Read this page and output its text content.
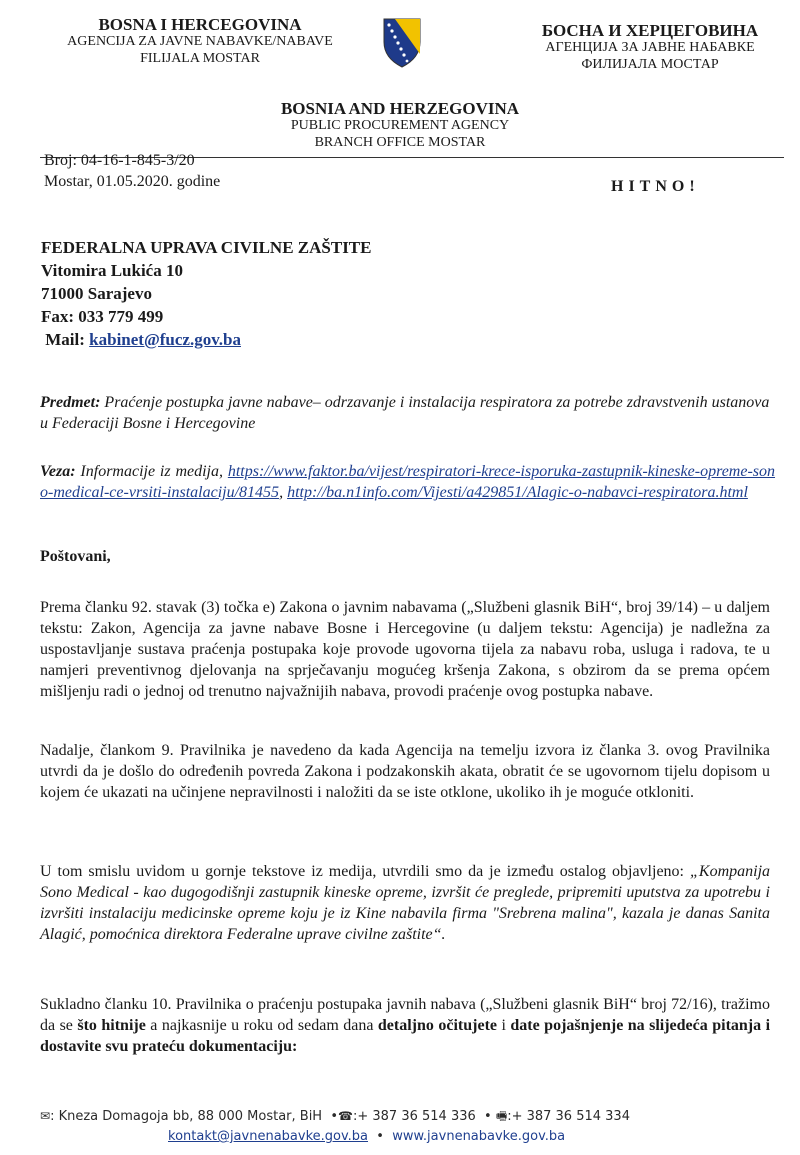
BOSNA I HERCEGOVINA
AGENCIJA ZA JAVNE NABAVKE/NABAVE
FILIJALA MOSTAR
БОСНА И ХЕРЦЕГОВИНА
АГЕНЦИЈА ЗА ЈАВНЕ НАБАВКЕ
ФИЛИЈАЛА МОСТАР
BOSNIA AND HERZEGOVINA
PUBLIC PROCUREMENT AGENCY
BRANCH OFFICE MOSTAR
Broj: 04-16-1-845-3/20
Mostar, 01.05.2020. godine	HITNO!
FEDERALNA UPRAVA CIVILNE ZAŠTITE
Vitomira Lukića 10
71000 Sarajevo
Fax: 033 779 499
Mail: kabinet@fucz.gov.ba
Predmet: Praćenje postupka javne nabave– odrzavanje i instalacija respiratora za potrebe zdravstvenih ustanova u Federaciji Bosne i Hercegovine
Veza: Informacije iz medija, https://www.faktor.ba/vijest/respiratori-krece-isporuka-zastupnik-kineske-opreme-sono-medical-ce-vrsiti-instalaciju/81455, http://ba.n1info.com/Vijesti/a429851/Alagic-o-nabavci-respiratora.html
Poštovani,
Prema članku 92. stavak (3) točka e) Zakona o javnim nabavama („Službeni glasnik BiH“, broj 39/14) – u daljem tekstu: Zakon, Agencija za javne nabave Bosne i Hercegovine (u daljem tekstu: Agencija) je nadležna za uspostavljanje sustava praćenja postupaka koje provode ugovorna tijela za nabavu roba, usluga i radova, te u namjeri preventivnog djelovanja na sprječavanju mogućeg kršenja Zakona, s obzirom da se prema općem mišljenju radi o jednoj od trenutno najvažnijih nabava, provodi praćenje ovog postupka nabave.
Nadalje, člankom 9. Pravilnika je navedeno da kada Agencija na temelju izvora iz članka 3. ovog Pravilnika utvrdi da je došlo do određenih povreda Zakona i podzakonskih akata, obratit će se ugovornom tijelu dopisom u kojem će ukazati na učinjene nepravilnosti i naložiti da se iste otklone, ukoliko ih je moguće otkloniti.
U tom smislu uvidom u gornje tekstove iz medija, utvrdili smo da je između ostalog objavljeno: „Kompanija Sono Medical - kao dugogodišnji zastupnik kineske opreme, izvršit će preglede, pripremiti uputstva za upotrebu i izvršiti instalaciju medicinske opreme koju je iz Kine nabavila firma "Srebrena malina", kazala je danas Sanita Alagić, pomoćnica direktora Federalne uprave civilne zaštite“.
Sukladno članku 10. Pravilnika o praćenju postupaka javnih nabava („Službeni glasnik BiH“ broj 72/16), tražimo da se što hitnije a najkasnije u roku od sedam dana detaljno očitujete i date pojašnjenje na slijedeća pitanja i dostavite svu prateću dokumentaciju:
✉: Kneza Domagoja bb, 88 000 Mostar, BiH •☎:+ 387 36 514 336 • 🖷:+ 387 36 514 334
kontakt@javnenabavke.gov.ba • www.javnenabavke.gov.ba
